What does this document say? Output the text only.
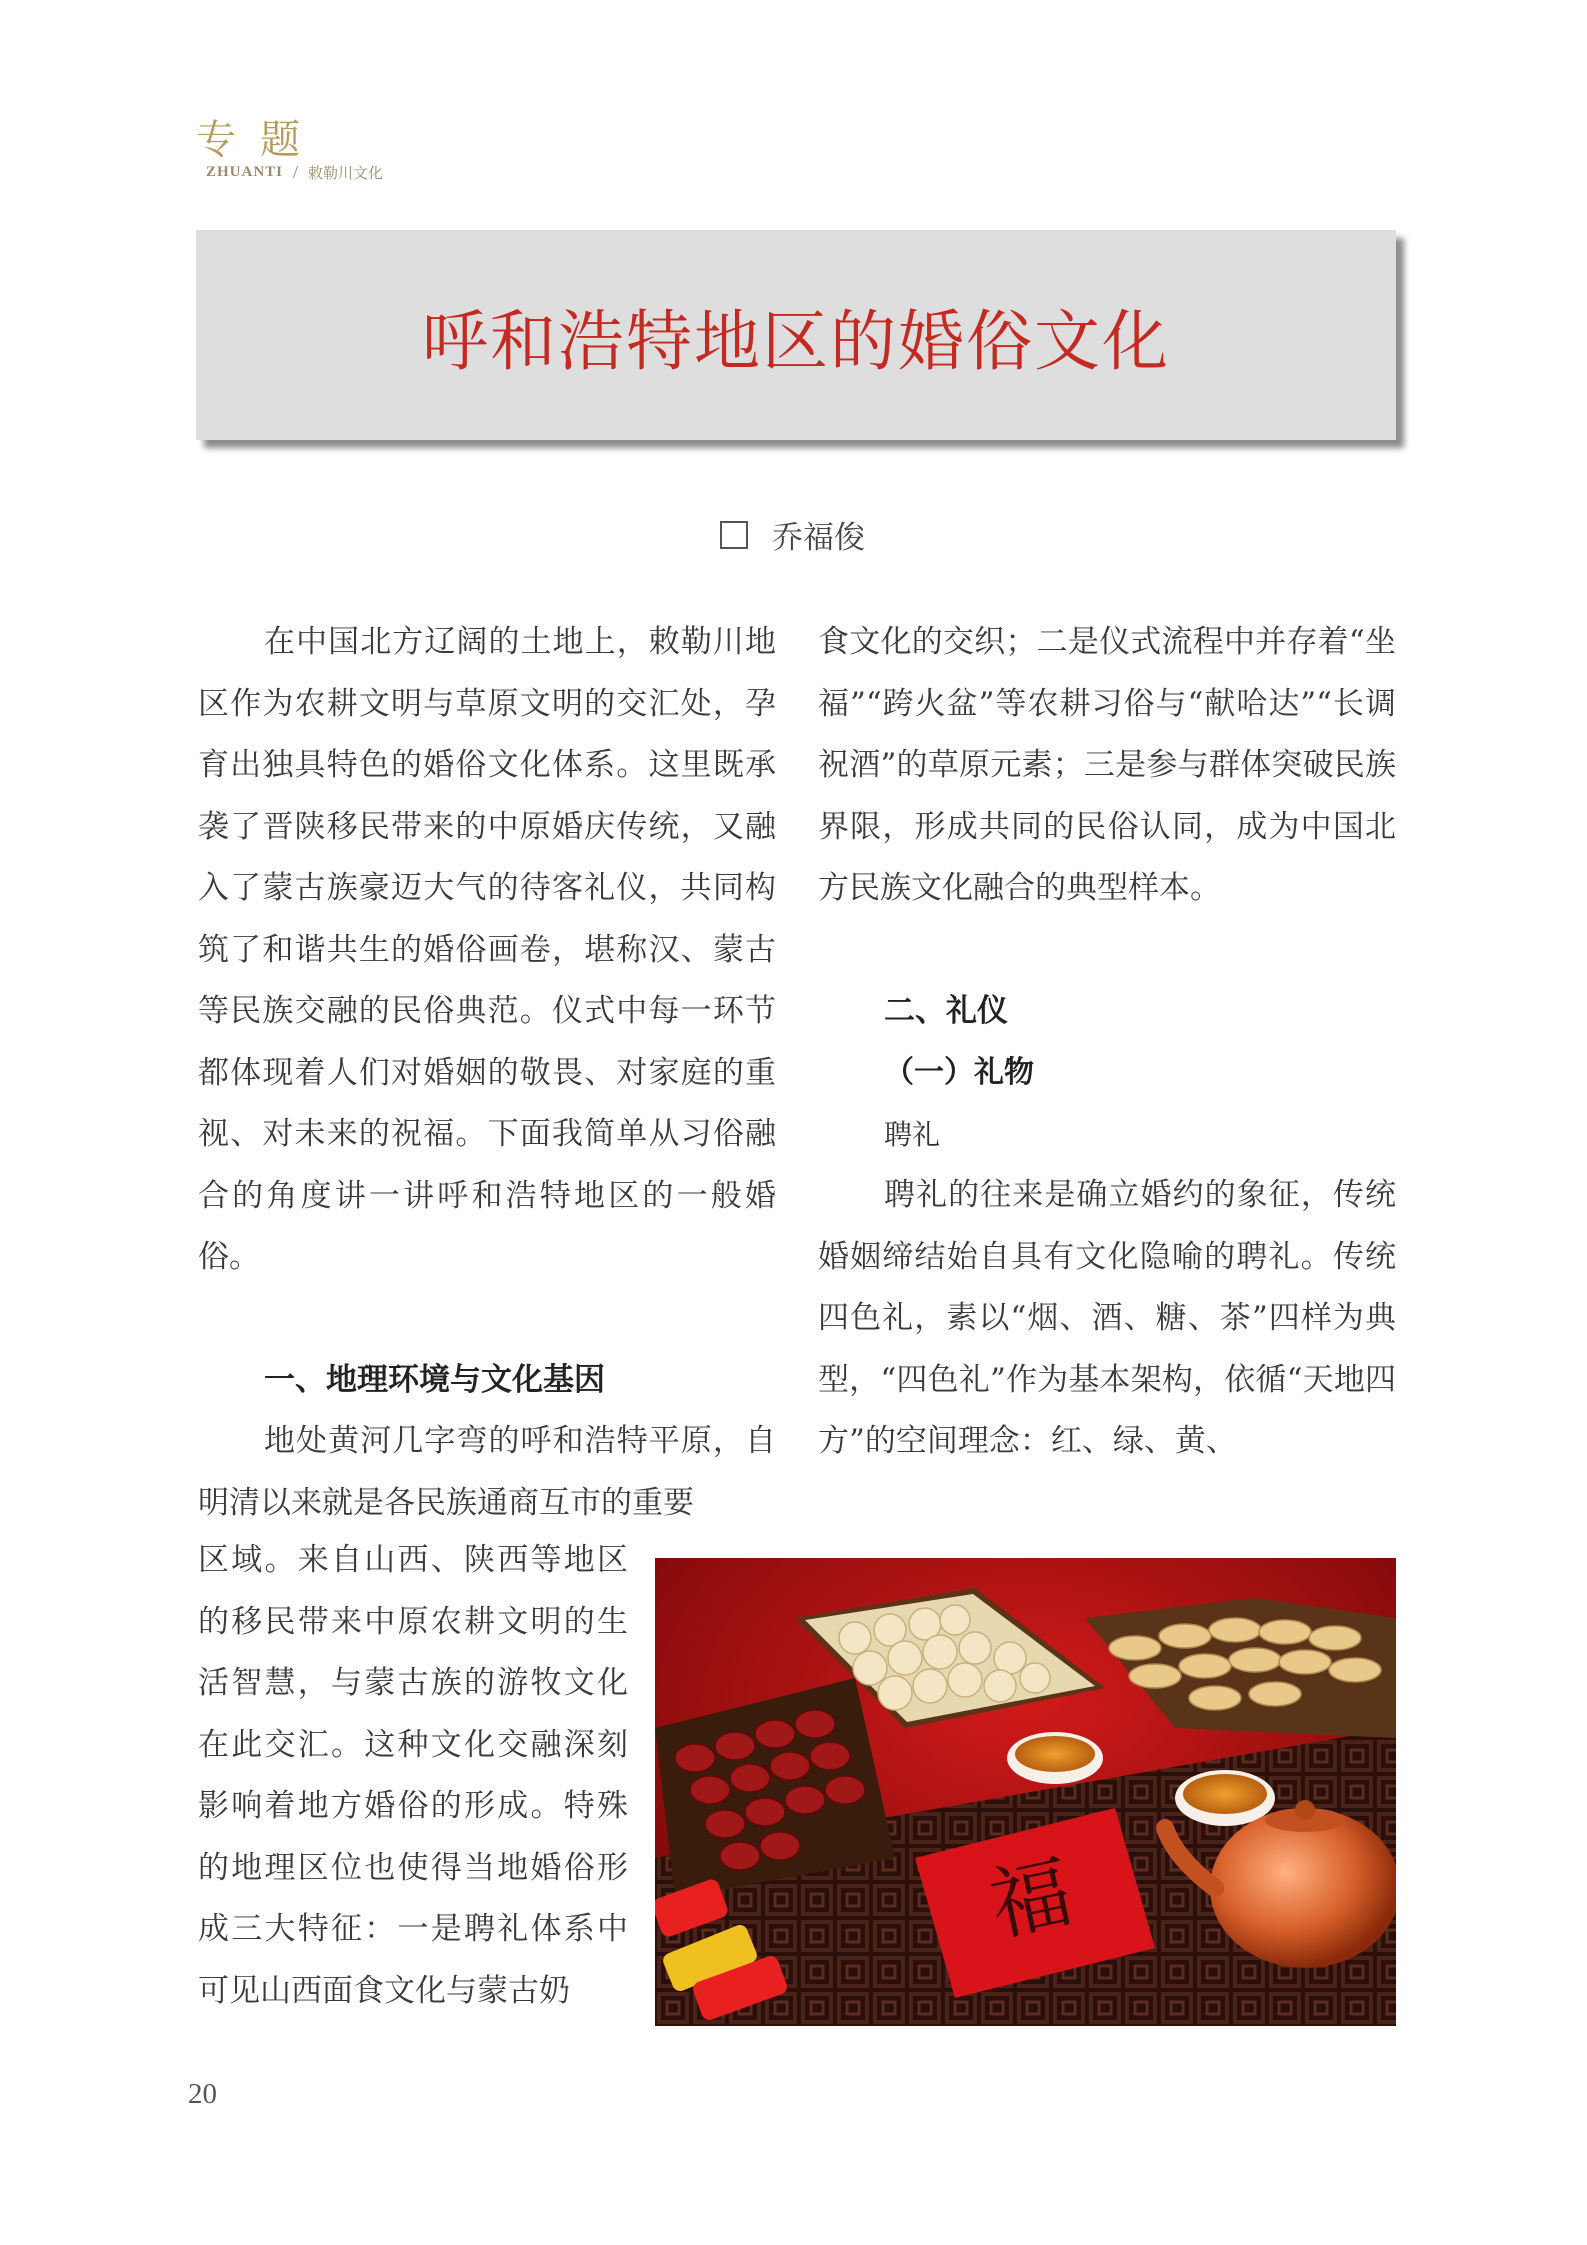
专题
ZHUANTI / 敕勒川文化
呼和浩特地区的婚俗文化
乔福俊

在中国北方辽阔的土地上，敕勒川地区作为农耕文明与草原文明的交汇处，孕育出独具特色的婚俗文化体系。这里既承袭了晋陕移民带来的中原婚庆传统，又融入了蒙古族豪迈大气的待客礼仪，共同构筑了和谐共生的婚俗画卷，堪称汉、蒙古等民族交融的民俗典范。仪式中每一环节都体现着人们对婚姻的敬畏、对家庭的重视、对未来的祝福。下面我简单从习俗融合的角度讲一讲呼和浩特地区的一般婚俗。

一、地理环境与文化基因

地处黄河几字弯的呼和浩特平原，自明清以来就是各民族通商互市的重要

区域。来自山西、陕西等地区的移民带来中原农耕文明的生活智慧，与蒙古族的游牧文化在此交汇。这种文化交融深刻影响着地方婚俗的形成。特殊的地理区位也使得当地婚俗形成三大特征：一是聘礼体系中可见山西面食文化与蒙古奶

食文化的交织；二是仪式流程中并存着“坐福”“跨火盆”等农耕习俗与“献哈达”“长调祝酒”的草原元素；三是参与群体突破民族界限，形成共同的民俗认同，成为中国北方民族文化融合的典型样本。

二、礼仪

（一）礼物

聘礼

聘礼的往来是确立婚约的象征，传统婚姻缔结始自具有文化隐喻的聘礼。传统四色礼，素以“烟、酒、糖、茶”四样为典型，“四色礼”作为基本架构，依循“天地四方”的空间理念：红、绿、黄、

福
20
